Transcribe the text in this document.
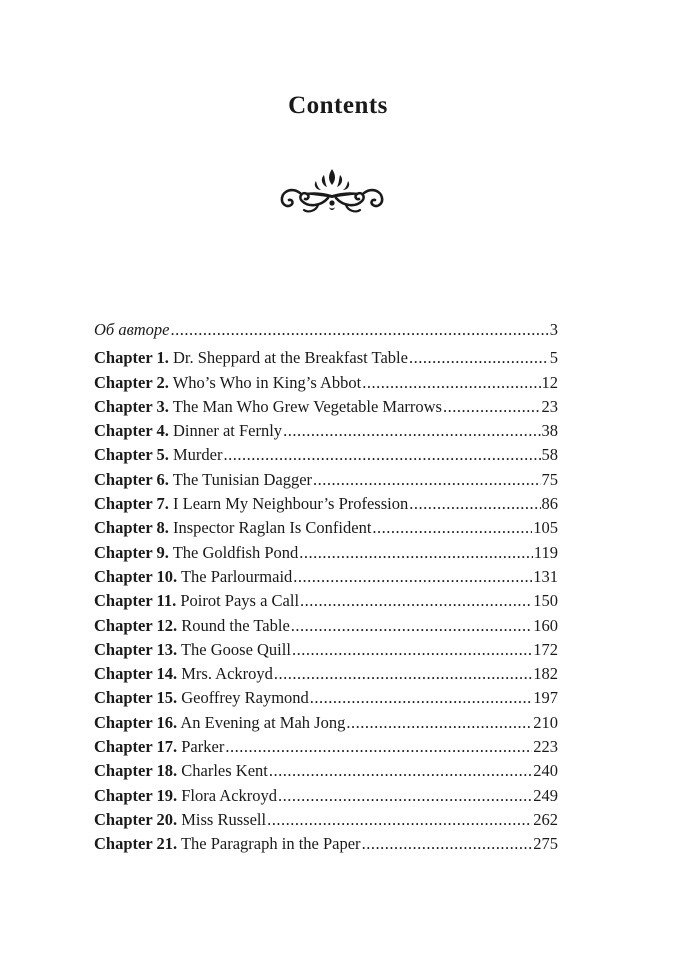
Contents
Об авторе .....	3
Chapter 1. Dr. Sheppard at the Breakfast Table .....	5
Chapter 2. Who’s Who in King’s Abbot .....	12
Chapter 3. The Man Who Grew Vegetable Marrows .....	23
Chapter 4. Dinner at Fernly .....	38
Chapter 5. Murder .....	58
Chapter 6. The Tunisian Dagger .....	75
Chapter 7. I Learn My Neighbour’s Profession .....	86
Chapter 8. Inspector Raglan Is Confident .....	105
Chapter 9. The Goldfish Pond .....	119
Chapter 10. The Parlourmaid .....	131
Chapter 11. Poirot Pays a Call .....	150
Chapter 12. Round the Table .....	160
Chapter 13. The Goose Quill .....	172
Chapter 14. Mrs. Ackroyd .....	182
Chapter 15. Geoffrey Raymond .....	197
Chapter 16. An Evening at Mah Jong .....	210
Chapter 17. Parker .....	223
Chapter 18. Charles Kent .....	240
Chapter 19. Flora Ackroyd .....	249
Chapter 20. Miss Russell .....	262
Chapter 21. The Paragraph in the Paper .....	275
